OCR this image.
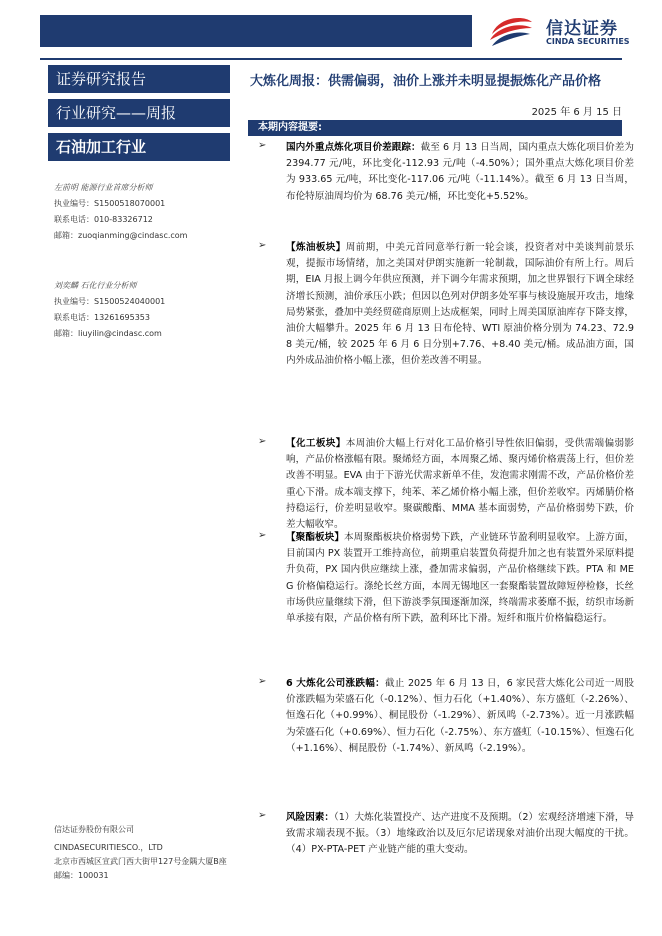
信达证券
CINDA SECURITIES
证券研究报告
行业研究——周报
石油加工行业
左前明 能源行业首席分析师
执业编号：S1500518070001
联系电话：010-83326712
邮箱：zuoqianming@cindasc.com
刘奕麟 石化行业分析师
执业编号：S1500524040001
联系电话：13261695353
邮箱：liuyilin@cindasc.com
信达证券股份有限公司
CINDASECURITIESCO.，LTD
北京市西城区宣武门西大街甲127号金隅大厦B座
邮编：100031
大炼化周报：供需偏弱，油价上涨并未明显提振炼化产品价格
2025 年 6 月 15 日
本期内容提要:
➢ 国内外重点炼化项目价差跟踪：截至 6 月 13 日当周，国内重点大炼化项目价差为 2394.77 元/吨，环比变化-112.93 元/吨（-4.50%）；国外重点大炼化项目价差为 933.65 元/吨，环比变化-117.06 元/吨（-11.14%）。截至 6 月 13 日当周，布伦特原油周均价为 68.76 美元/桶，环比变化+5.52%。
➢ 【炼油板块】周前期，中美元首同意举行新一轮会谈，投资者对中美谈判前景乐观，提振市场情绪，加之美国对伊朗实施新一轮制裁，国际油价有所上行。周后期，EIA 月报上调今年供应预测，并下调今年需求预期，加之世界银行下调全球经济增长预测，油价承压小跌；但因以色列对伊朗多处军事与核设施展开攻击，地缘局势紧张，叠加中美经贸磋商原则上达成框架，同时上周美国原油库存下降支撑，油价大幅攀升。2025 年 6 月 13 日布伦特、WTI 原油价格分别为 74.23、72.98 美元/桶，较 2025 年 6 月 6 日分别+7.76、+8.40 美元/桶。成品油方面，国内外成品油价格小幅上涨，但价差改善不明显。
➢ 【化工板块】本周油价大幅上行对化工品价格引导性依旧偏弱，受供需端偏弱影响，产品价格涨幅有限。聚烯烃方面，本周聚乙烯、聚丙烯价格震荡上行，但价差改善不明显。EVA 由于下游光伏需求新单不佳，发泡需求刚需不改，产品价格价差重心下滑。成本端支撑下，纯苯、苯乙烯价格小幅上涨，但价差收窄。丙烯腈价格持稳运行，价差明显收窄。聚碳酸酯、MMA 基本面弱势，产品价格弱势下跌，价差大幅收窄。
➢ 【聚酯板块】本周聚酯板块价格弱势下跌，产业链环节盈利明显收窄。上游方面，目前国内 PX 装置开工维持高位，前期重启装置负荷提升加之也有装置外采原料提升负荷，PX 国内供应继续上涨，叠加需求偏弱，产品价格继续下跌。PTA 和 MEG 价格偏稳运行。涤纶长丝方面，本周无锡地区一套聚酯装置故障短停检修，长丝市场供应量继续下滑，但下游淡季氛围逐渐加深，终端需求萎靡不振，纺织市场新单承接有限，产品价格有所下跌，盈利环比下滑。短纤和瓶片价格偏稳运行。
➢ 6 大炼化公司涨跌幅：截止 2025 年 6 月 13 日，6 家民营大炼化公司近一周股价涨跌幅为荣盛石化（-0.12%）、恒力石化（+1.40%）、东方盛虹（-2.26%）、恒逸石化（+0.99%）、桐昆股份（-1.29%）、新凤鸣（-2.73%）。近一月涨跌幅为荣盛石化（+0.69%）、恒力石化（-2.75%）、东方盛虹（-10.15%）、恒逸石化（+1.16%）、桐昆股份（-1.74%）、新凤鸣（-2.19%）。
➢ 风险因素：（1）大炼化装置投产、达产进度不及预期。（2）宏观经济增速下滑，导致需求端表现不振。（3）地缘政治以及厄尔尼诺现象对油价出现大幅度的干扰。（4）PX-PTA-PET 产业链产能的重大变动。
